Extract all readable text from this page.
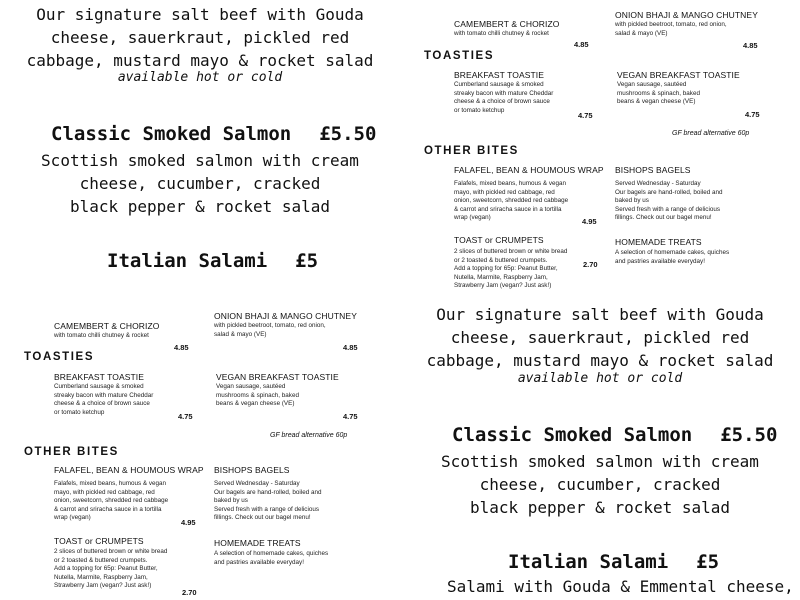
Our signature salt beef with Gouda
cheese, sauerkraut, pickled red
cabbage, mustard mayo & rocket salad
available hot or cold
Classic Smoked Salmon £5.50
Scottish smoked salmon with cream
cheese, cucumber, cracked
black pepper & rocket salad
Italian Salami £5
CAMEMBERT & CHORIZO
with tomato chilli chutney & rocket
4.85
ONION BHAJI & MANGO CHUTNEY
with pickled beetroot, tomato, red onion,
salad & mayo (VE)
4.85
TOASTIES
BREAKFAST TOASTIE
Cumberland sausage & smoked
streaky bacon with mature Cheddar
cheese & a choice of brown sauce
or tomato ketchup	4.75
VEGAN BREAKFAST TOASTIE
Vegan sausage, sautéed
mushrooms & spinach, baked
beans & vegan cheese (VE)
4.75
GF bread alternative 60p
OTHER BITES
FALAFEL, BEAN & HOUMOUS WRAP
Falafels, mixed beans, humous & vegan
mayo, with pickled red cabbage, red
onion, sweetcorn, shredded red cabbage
& carrot and sriracha sauce in a tortilla
wrap (vegan)
4.95
BISHOPS BAGELS
Served Wednesday - Saturday
Our bagels are hand-rolled, boiled and
baked by us
Served fresh with a range of delicious
fillings. Check out our bagel menu!
TOAST or CRUMPETS
2 slices of buttered brown or white bread
or 2 toasted & buttered crumpets.
Add a topping for 65p: Peanut Butter,
Nutella, Marmite, Raspberry Jam,
Strawberry Jam (vegan? Just ask!)
2.70
HOMEMADE TREATS
A selection of homemade cakes, quiches
and pastries available everyday!
CAMEMBERT & CHORIZO
with tomato chilli chutney & rocket
4.85
ONION BHAJI & MANGO CHUTNEY
with pickled beetroot, tomato, red onion,
salad & mayo (VE)
4.85
TOASTIES
BREAKFAST TOASTIE
Cumberland sausage & smoked
streaky bacon with mature Cheddar
cheese & a choice of brown sauce
or tomato ketchup
4.75
VEGAN BREAKFAST TOASTIE
Vegan sausage, sautéed
mushrooms & spinach, baked
beans & vegan cheese (VE)
4.75
GF bread alternative 60p
OTHER BITES
FALAFEL, BEAN & HOUMOUS WRAP
Falafels, mixed beans, humous & vegan
mayo, with pickled red cabbage, red
onion, sweetcorn, shredded red cabbage
& carrot and sriracha sauce in a tortilla
wrap (vegan)	4.95
BISHOPS BAGELS
Served Wednesday - Saturday
Our bagels are hand-rolled, boiled and
baked by us
Served fresh with a range of delicious
fillings. Check out our bagel menu!
TOAST or CRUMPETS
2 slices of buttered brown or white bread
or 2 toasted & buttered crumpets.
Add a topping for 65p: Peanut Butter,
Nutella, Marmite, Raspberry Jam,
Strawberry Jam (vegan? Just ask!)
2.70
HOMEMADE TREATS
A selection of homemade cakes, quiches
and pastries available everyday!
Our signature salt beef with Gouda
cheese, sauerkraut, pickled red
cabbage, mustard mayo & rocket salad
available hot or cold
Classic Smoked Salmon £5.50
Scottish smoked salmon with cream
cheese, cucumber, cracked
black pepper & rocket salad
Italian Salami £5
Salami with Gouda & Emmental cheese,
